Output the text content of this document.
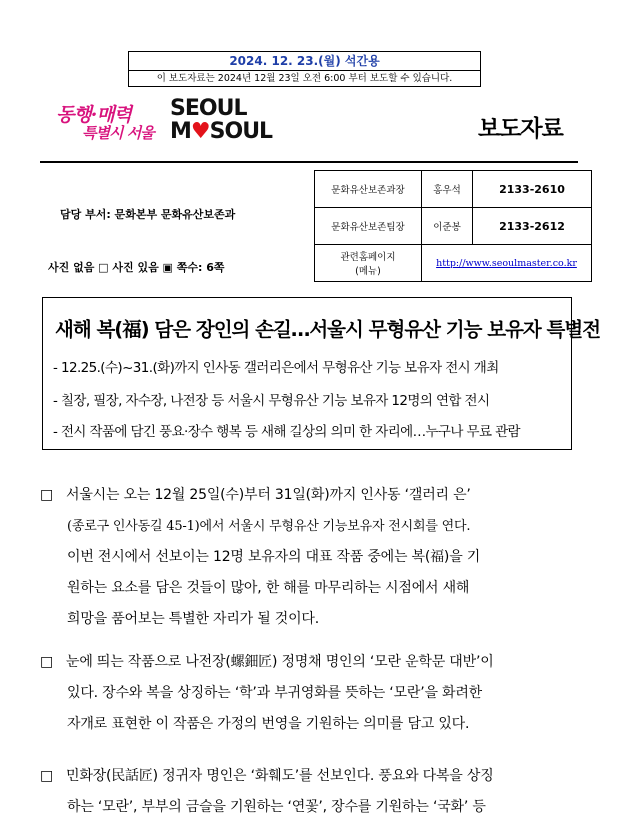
2024. 12. 23.(월) 석간용
이 보도자료는 2024년 12월 23일 오전 6:00 부터 보도할 수 있습니다.
동행·매력
특별시 서울
SEOUL
M♥SOUL	보도자료
담당 부서: 문화본부 문화유산보존과
사진 없음 □ 사진 있음 ▣ 쪽수: 6쪽
문화유산보존과장	홍우석	2133-2610
문화유산보존팀장	이준봉	2133-2612

관련홈페이지
(메뉴)	http://www.seoulmaster.co.kr	
새해 복(福) 담은 장인의 손길…서울시 무형유산 기능 보유자 특별전
- 12.25.(수)~31.(화)까지 인사동 갤러리은에서 무형유산 기능 보유자 전시 개최
- 칠장, 필장, 자수장, 나전장 등 서울시 무형유산 기능 보유자 12명의 연합 전시
- 전시 작품에 담긴 풍요·장수 행복 등 새해 길상의 의미 한 자리에…누구나 무료 관람
□ 서울시는 오는 12월 25일(수)부터 31일(화)까지 인사동 ‘갤러리 은’
(종로구 인사동길 45-1)에서 서울시 무형유산 기능보유자 전시회를 연다.
이번 전시에서 선보이는 12명 보유자의 대표 작품 중에는 복(福)을 기
원하는 요소를 담은 것들이 많아, 한 해를 마무리하는 시점에서 새해
희망을 품어보는 특별한 자리가 될 것이다.
□ 눈에 띄는 작품으로 나전장(螺鈿匠) 정명채 명인의 ‘모란 운학문 대반’이
있다. 장수와 복을 상징하는 ‘학’과 부귀영화를 뜻하는 ‘모란’을 화려한
자개로 표현한 이 작품은 가정의 번영을 기원하는 의미를 담고 있다.
□ 민화장(民話匠) 정귀자 명인은 ‘화훼도’를 선보인다. 풍요와 다복을 상징
하는 ‘모란’, 부부의 금슬을 기원하는 ‘연꽃’, 장수를 기원하는 ‘국화’ 등
